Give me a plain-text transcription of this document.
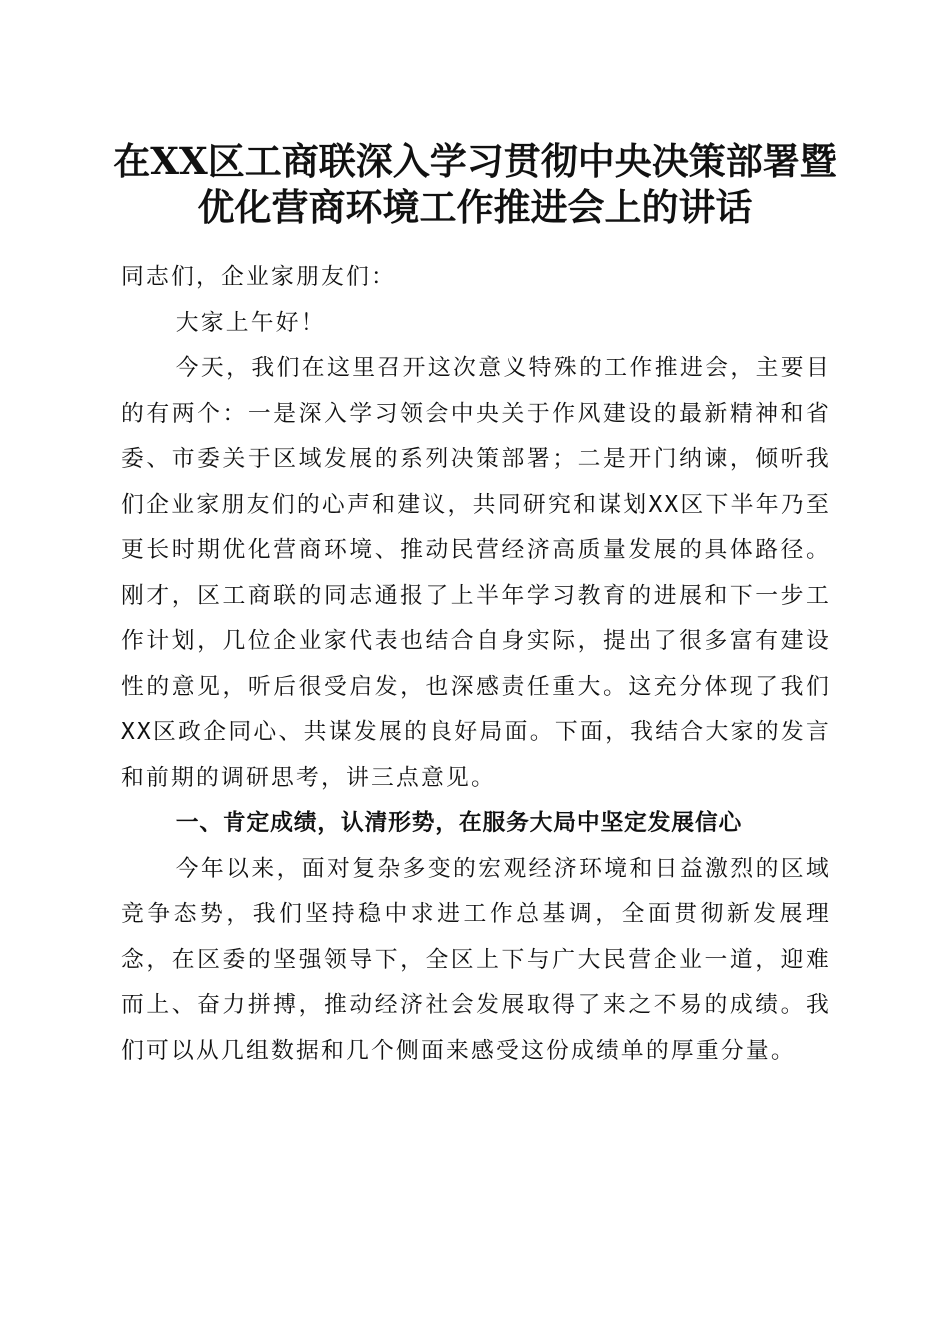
在XX区工商联深入学习贯彻中央决策部署暨
优化营商环境工作推进会上的讲话

同志们，企业家朋友们：

大家上午好！

今天，我们在这里召开这次意义特殊的工作推进会，主要目的有两个：一是深入学习领会中央关于作风建设的最新精神和省委、市委关于区域发展的系列决策部署；二是开门纳谏，倾听我们企业家朋友们的心声和建议，共同研究和谋划XX区下半年乃至更长时期优化营商环境、推动民营经济高质量发展的具体路径。刚才，区工商联的同志通报了上半年学习教育的进展和下一步工作计划，几位企业家代表也结合自身实际，提出了很多富有建设性的意见，听后很受启发，也深感责任重大。这充分体现了我们XX区政企同心、共谋发展的良好局面。下面，我结合大家的发言和前期的调研思考，讲三点意见。

一、肯定成绩，认清形势，在服务大局中坚定发展信心

今年以来，面对复杂多变的宏观经济环境和日益激烈的区域竞争态势，我们坚持稳中求进工作总基调，全面贯彻新发展理念，在区委的坚强领导下，全区上下与广大民营企业一道，迎难而上、奋力拼搏，推动经济社会发展取得了来之不易的成绩。我们可以从几组数据和几个侧面来感受这份成绩单的厚重分量。
